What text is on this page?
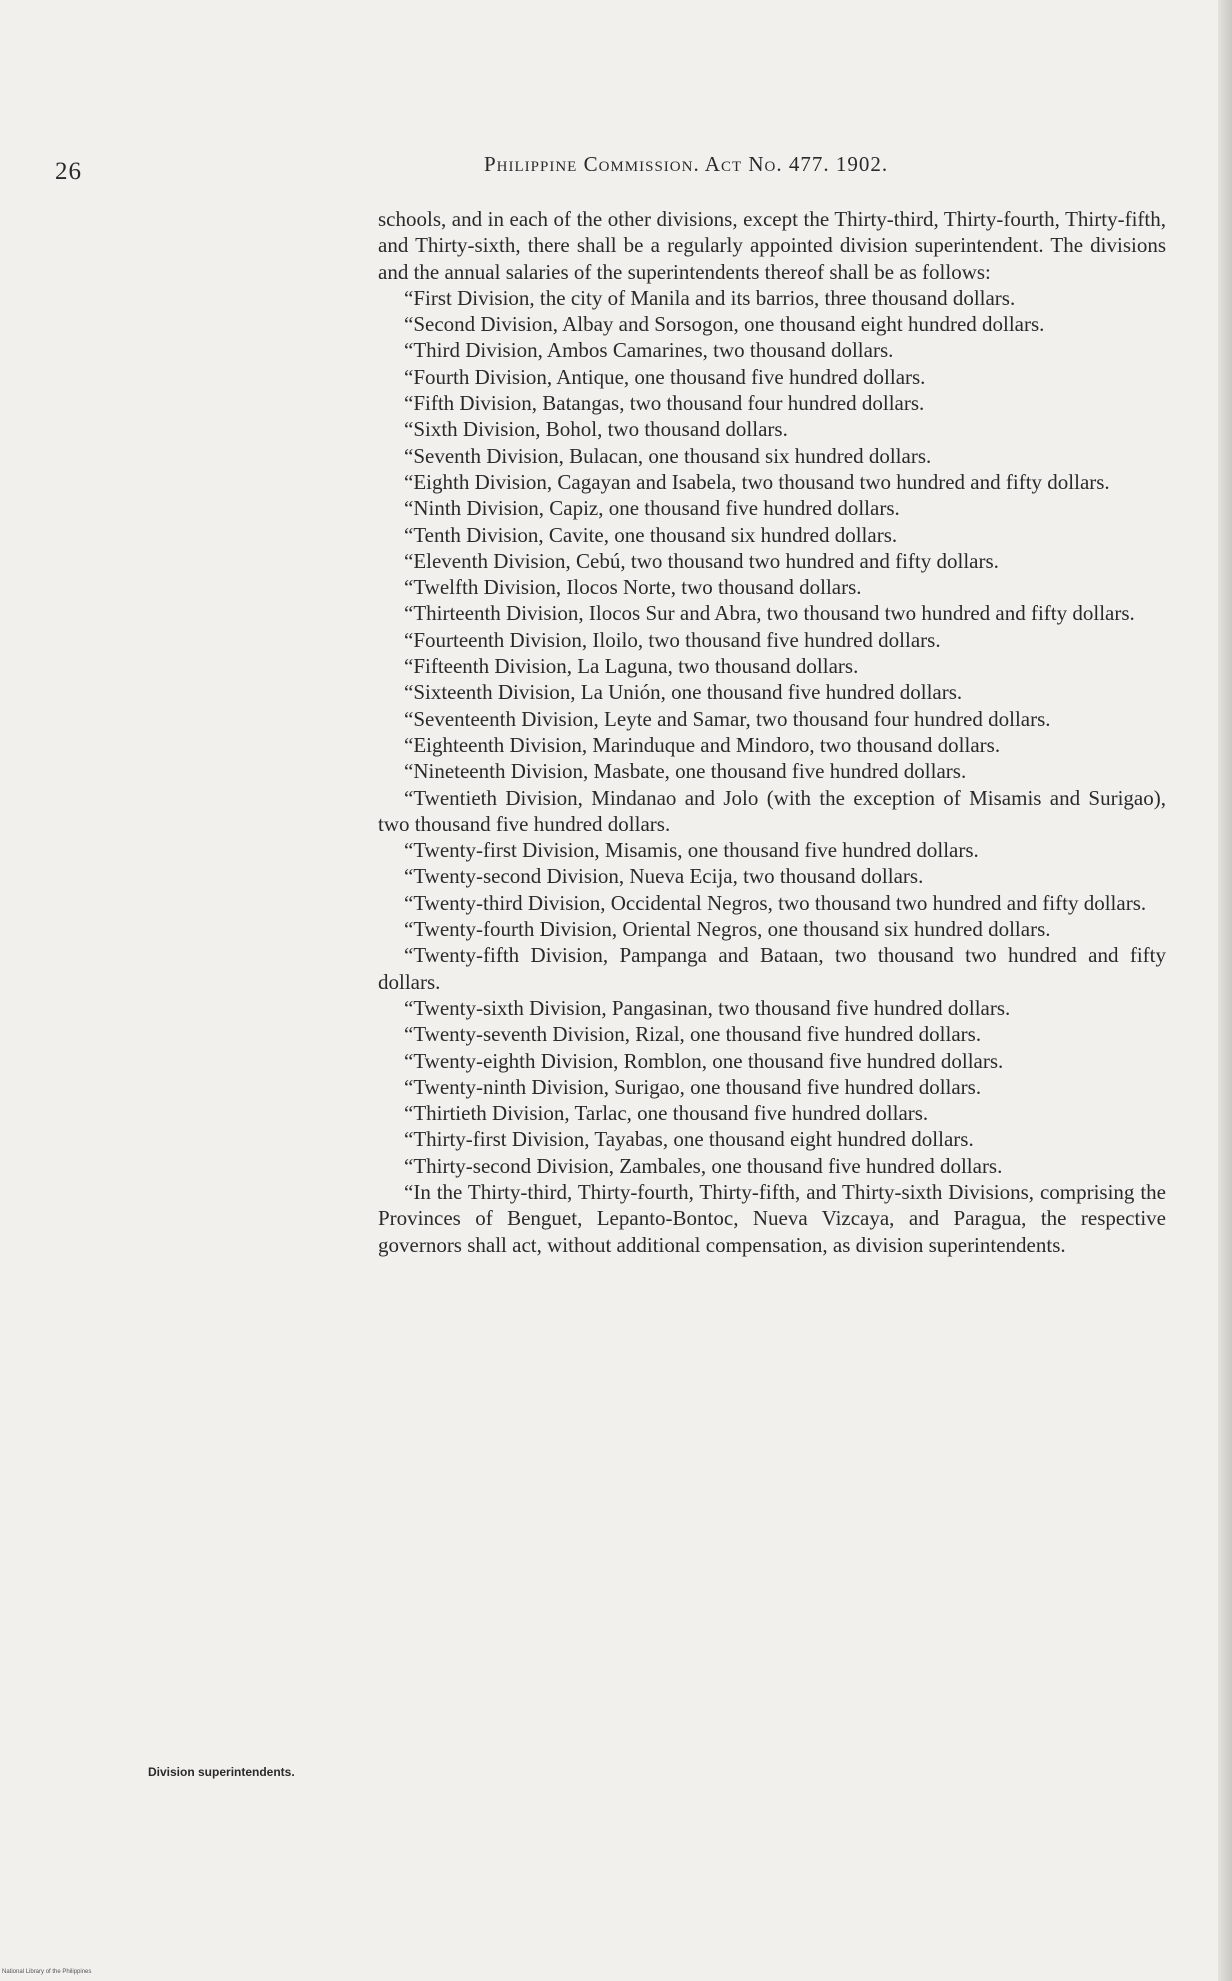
26	Philippine Commission. Act No. 477. 1902.

schools, and in each of the other divisions, except the Thirty-third, Thirty-fourth, Thirty-fifth, and Thirty-sixth, there shall be a regularly appointed division superintendent. The divisions and the annual salaries of the superintendents thereof shall be as follows:

“First Division, the city of Manila and its barrios, three thousand dollars.

“Second Division, Albay and Sorsogon, one thousand eight hundred dollars.

“Third Division, Ambos Camarines, two thousand dollars.

“Fourth Division, Antique, one thousand five hundred dollars.

“Fifth Division, Batangas, two thousand four hundred dollars.

“Sixth Division, Bohol, two thousand dollars.

“Seventh Division, Bulacan, one thousand six hundred dollars.

“Eighth Division, Cagayan and Isabela, two thousand two hundred and fifty dollars.

“Ninth Division, Capiz, one thousand five hundred dollars.

“Tenth Division, Cavite, one thousand six hundred dollars.

“Eleventh Division, Cebú, two thousand two hundred and fifty dollars.

“Twelfth Division, Ilocos Norte, two thousand dollars.

“Thirteenth Division, Ilocos Sur and Abra, two thousand two hundred and fifty dollars.

“Fourteenth Division, Iloilo, two thousand five hundred dollars.

“Fifteenth Division, La Laguna, two thousand dollars.

“Sixteenth Division, La Unión, one thousand five hundred dollars.

“Seventeenth Division, Leyte and Samar, two thousand four hundred dollars.

“Eighteenth Division, Marinduque and Mindoro, two thousand dollars.

“Nineteenth Division, Masbate, one thousand five hundred dollars.

“Twentieth Division, Mindanao and Jolo (with the exception of Misamis and Surigao), two thousand five hundred dollars.

“Twenty-first Division, Misamis, one thousand five hundred dollars.

“Twenty-second Division, Nueva Ecija, two thousand dollars.

“Twenty-third Division, Occidental Negros, two thousand two hundred and fifty dollars.

“Twenty-fourth Division, Oriental Negros, one thousand six hundred dollars.

“Twenty-fifth Division, Pampanga and Bataan, two thousand two hundred and fifty dollars.

“Twenty-sixth Division, Pangasinan, two thousand five hundred dollars.

“Twenty-seventh Division, Rizal, one thousand five hundred dollars.

“Twenty-eighth Division, Romblon, one thousand five hundred dollars.

“Twenty-ninth Division, Surigao, one thousand five hundred dollars.

“Thirtieth Division, Tarlac, one thousand five hundred dollars.

“Thirty-first Division, Tayabas, one thousand eight hundred dollars.

“Thirty-second Division, Zambales, one thousand five hundred dollars.

“In the Thirty-third, Thirty-fourth, Thirty-fifth, and Thirty-sixth Divisions, comprising the Provinces of Benguet, Lepanto-Bontoc, Nueva Vizcaya, and Paragua, the respective governors shall act, without additional compensation, as division superintendents.

Division superintendents.
National Library of the Philippines
